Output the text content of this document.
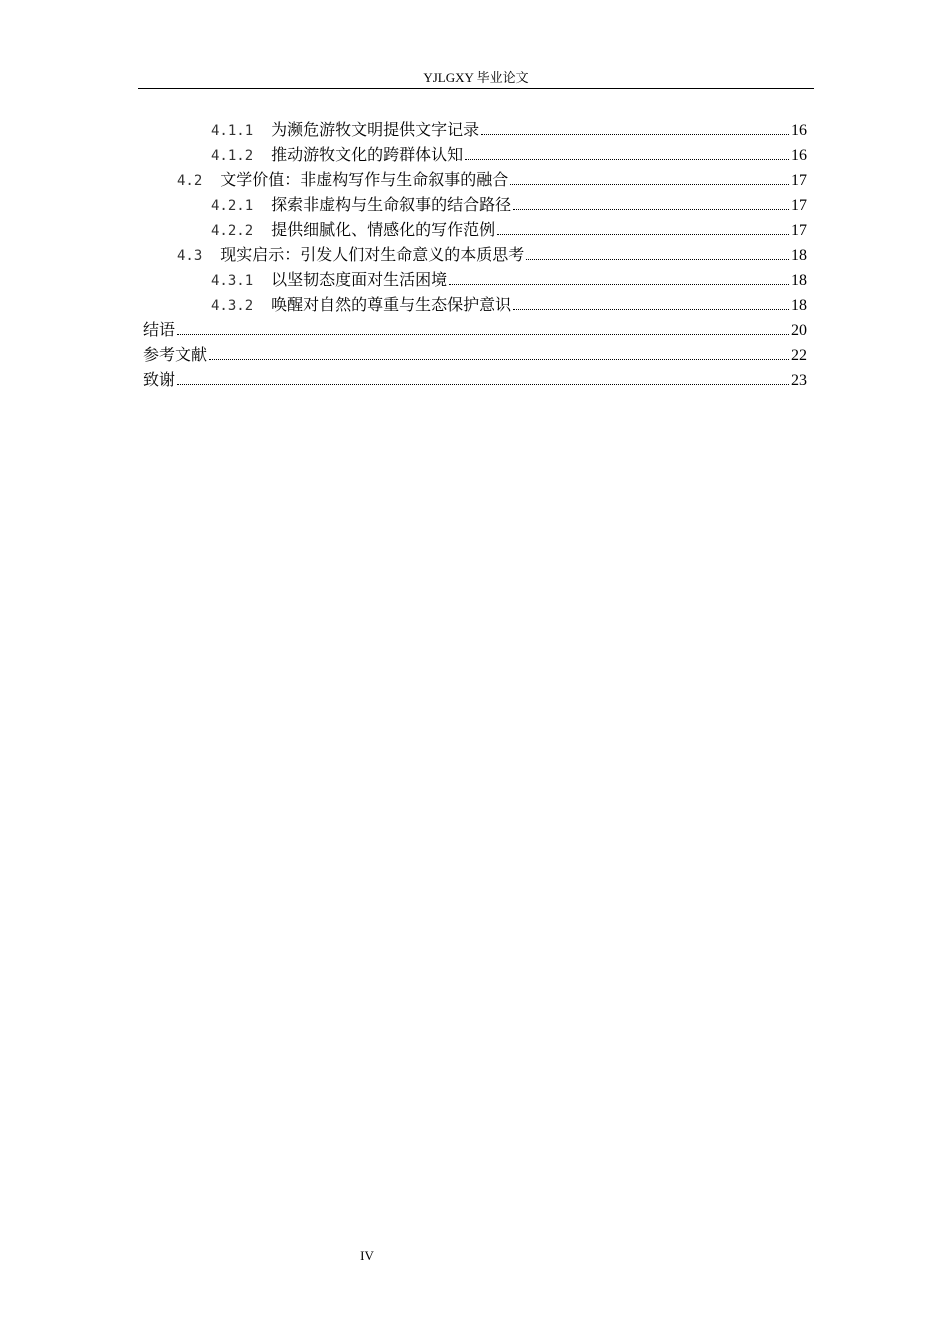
YJLGXY 毕业论文
4.1.1 为濒危游牧文明提供文字记录	16
4.1.2 推动游牧文化的跨群体认知	16
4.2 文学价值：非虚构写作与生命叙事的融合	17
4.2.1 探索非虚构与生命叙事的结合路径	17
4.2.2 提供细腻化、情感化的写作范例	17
4.3 现实启示：引发人们对生命意义的本质思考	18
4.3.1 以坚韧态度面对生活困境	18
4.3.2 唤醒对自然的尊重与生态保护意识	18
结语	20
参考文献	22
致谢	23
IV
